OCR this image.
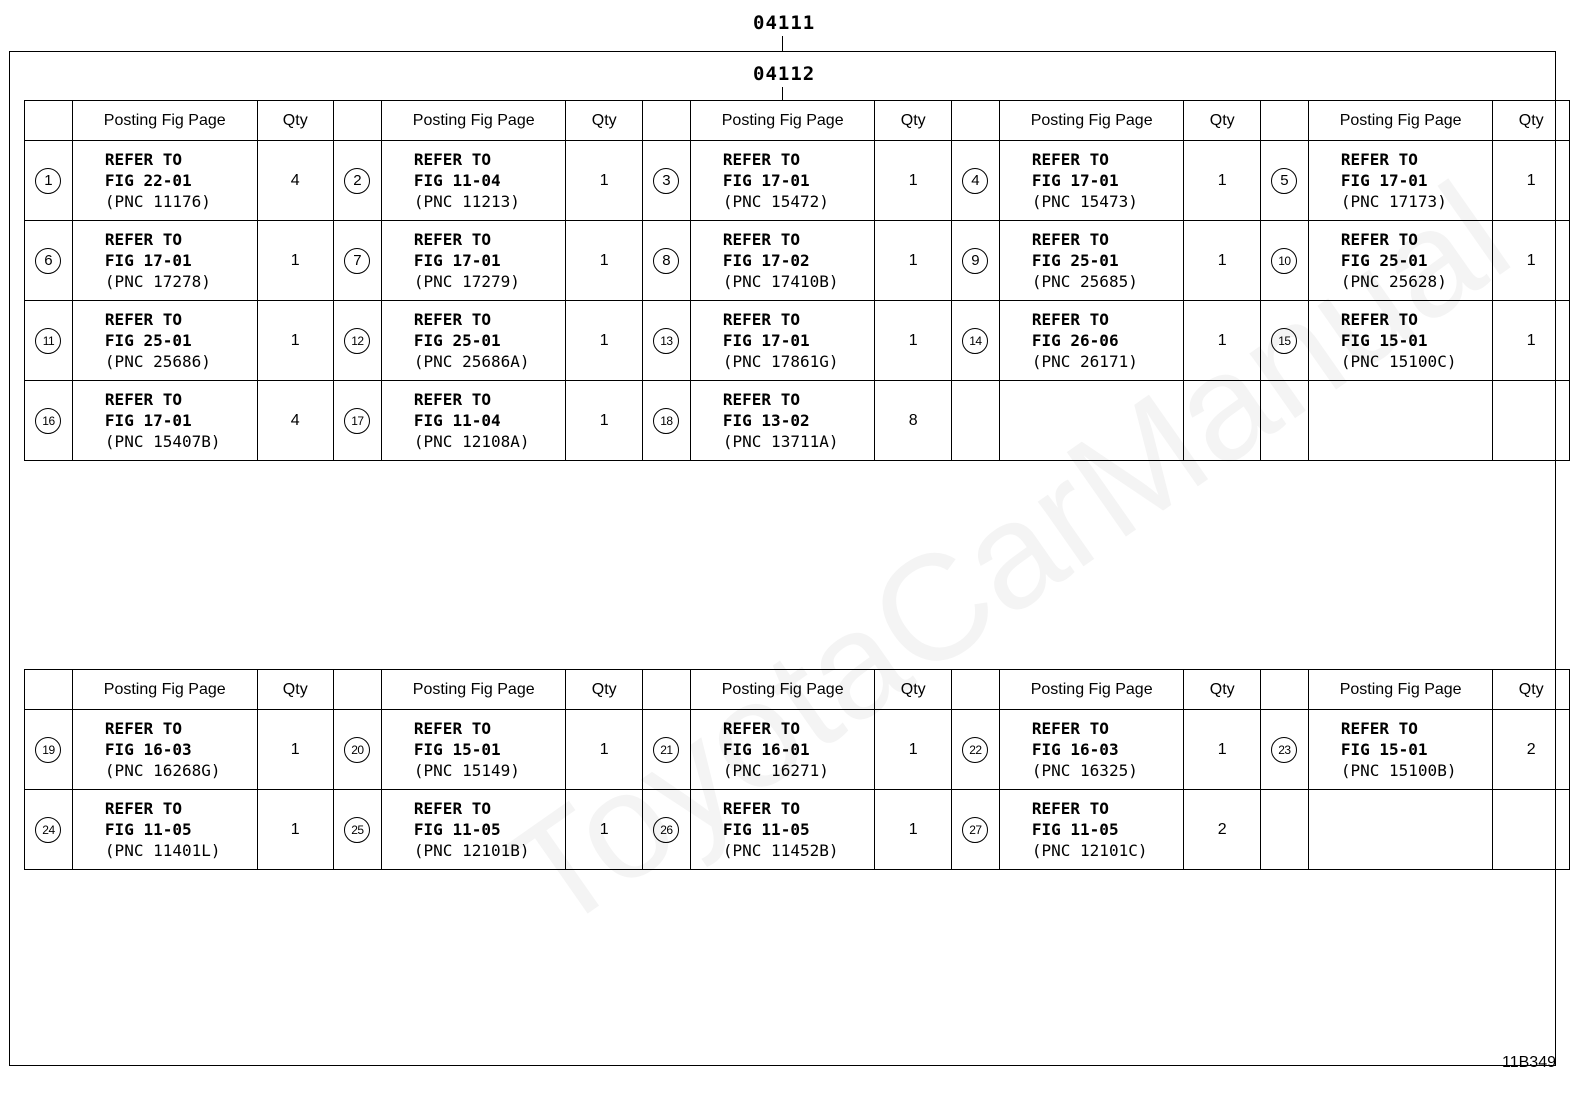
04111
04112
	Posting Fig Page	Qty		Posting Fig Page	Qty		Posting Fig Page	Qty		Posting Fig Page	Qty		Posting Fig Page	Qty
1	REFER TO
FIG 22-01
(PNC 11176)	4	2	REFER TO
FIG 11-04
(PNC 11213)	1	3	REFER TO
FIG 17-01
(PNC 15472)	1	4	REFER TO
FIG 17-01
(PNC 15473)	1	5	REFER TO
FIG 17-01
(PNC 17173)	1
6	REFER TO
FIG 17-01
(PNC 17278)	1	7	REFER TO
FIG 17-01
(PNC 17279)	1	8	REFER TO
FIG 17-02
(PNC 17410B)	1	9	REFER TO
FIG 25-01
(PNC 25685)	1	10	REFER TO
FIG 25-01
(PNC 25628)	1
11	REFER TO
FIG 25-01
(PNC 25686)	1	12	REFER TO
FIG 25-01
(PNC 25686A)	1	13	REFER TO
FIG 17-01
(PNC 17861G)	1	14	REFER TO
FIG 26-06
(PNC 26171)	1	15	REFER TO
FIG 15-01
(PNC 15100C)	1
16	REFER TO
FIG 17-01
(PNC 15407B)	4	17	REFER TO
FIG 11-04
(PNC 12108A)	1	18	REFER TO
FIG 13-02
(PNC 13711A)	8						
	Posting Fig Page	Qty		Posting Fig Page	Qty		Posting Fig Page	Qty		Posting Fig Page	Qty		Posting Fig Page	Qty
19	REFER TO
FIG 16-03
(PNC 16268G)	1	20	REFER TO
FIG 15-01
(PNC 15149)	1	21	REFER TO
FIG 16-01
(PNC 16271)	1	22	REFER TO
FIG 16-03
(PNC 16325)	1	23	REFER TO
FIG 15-01
(PNC 15100B)	2
24	REFER TO
FIG 11-05
(PNC 11401L)	1	25	REFER TO
FIG 11-05
(PNC 12101B)	1	26	REFER TO
FIG 11-05
(PNC 11452B)	1	27	REFER TO
FIG 11-05
(PNC 12101C)	2			
11B349
